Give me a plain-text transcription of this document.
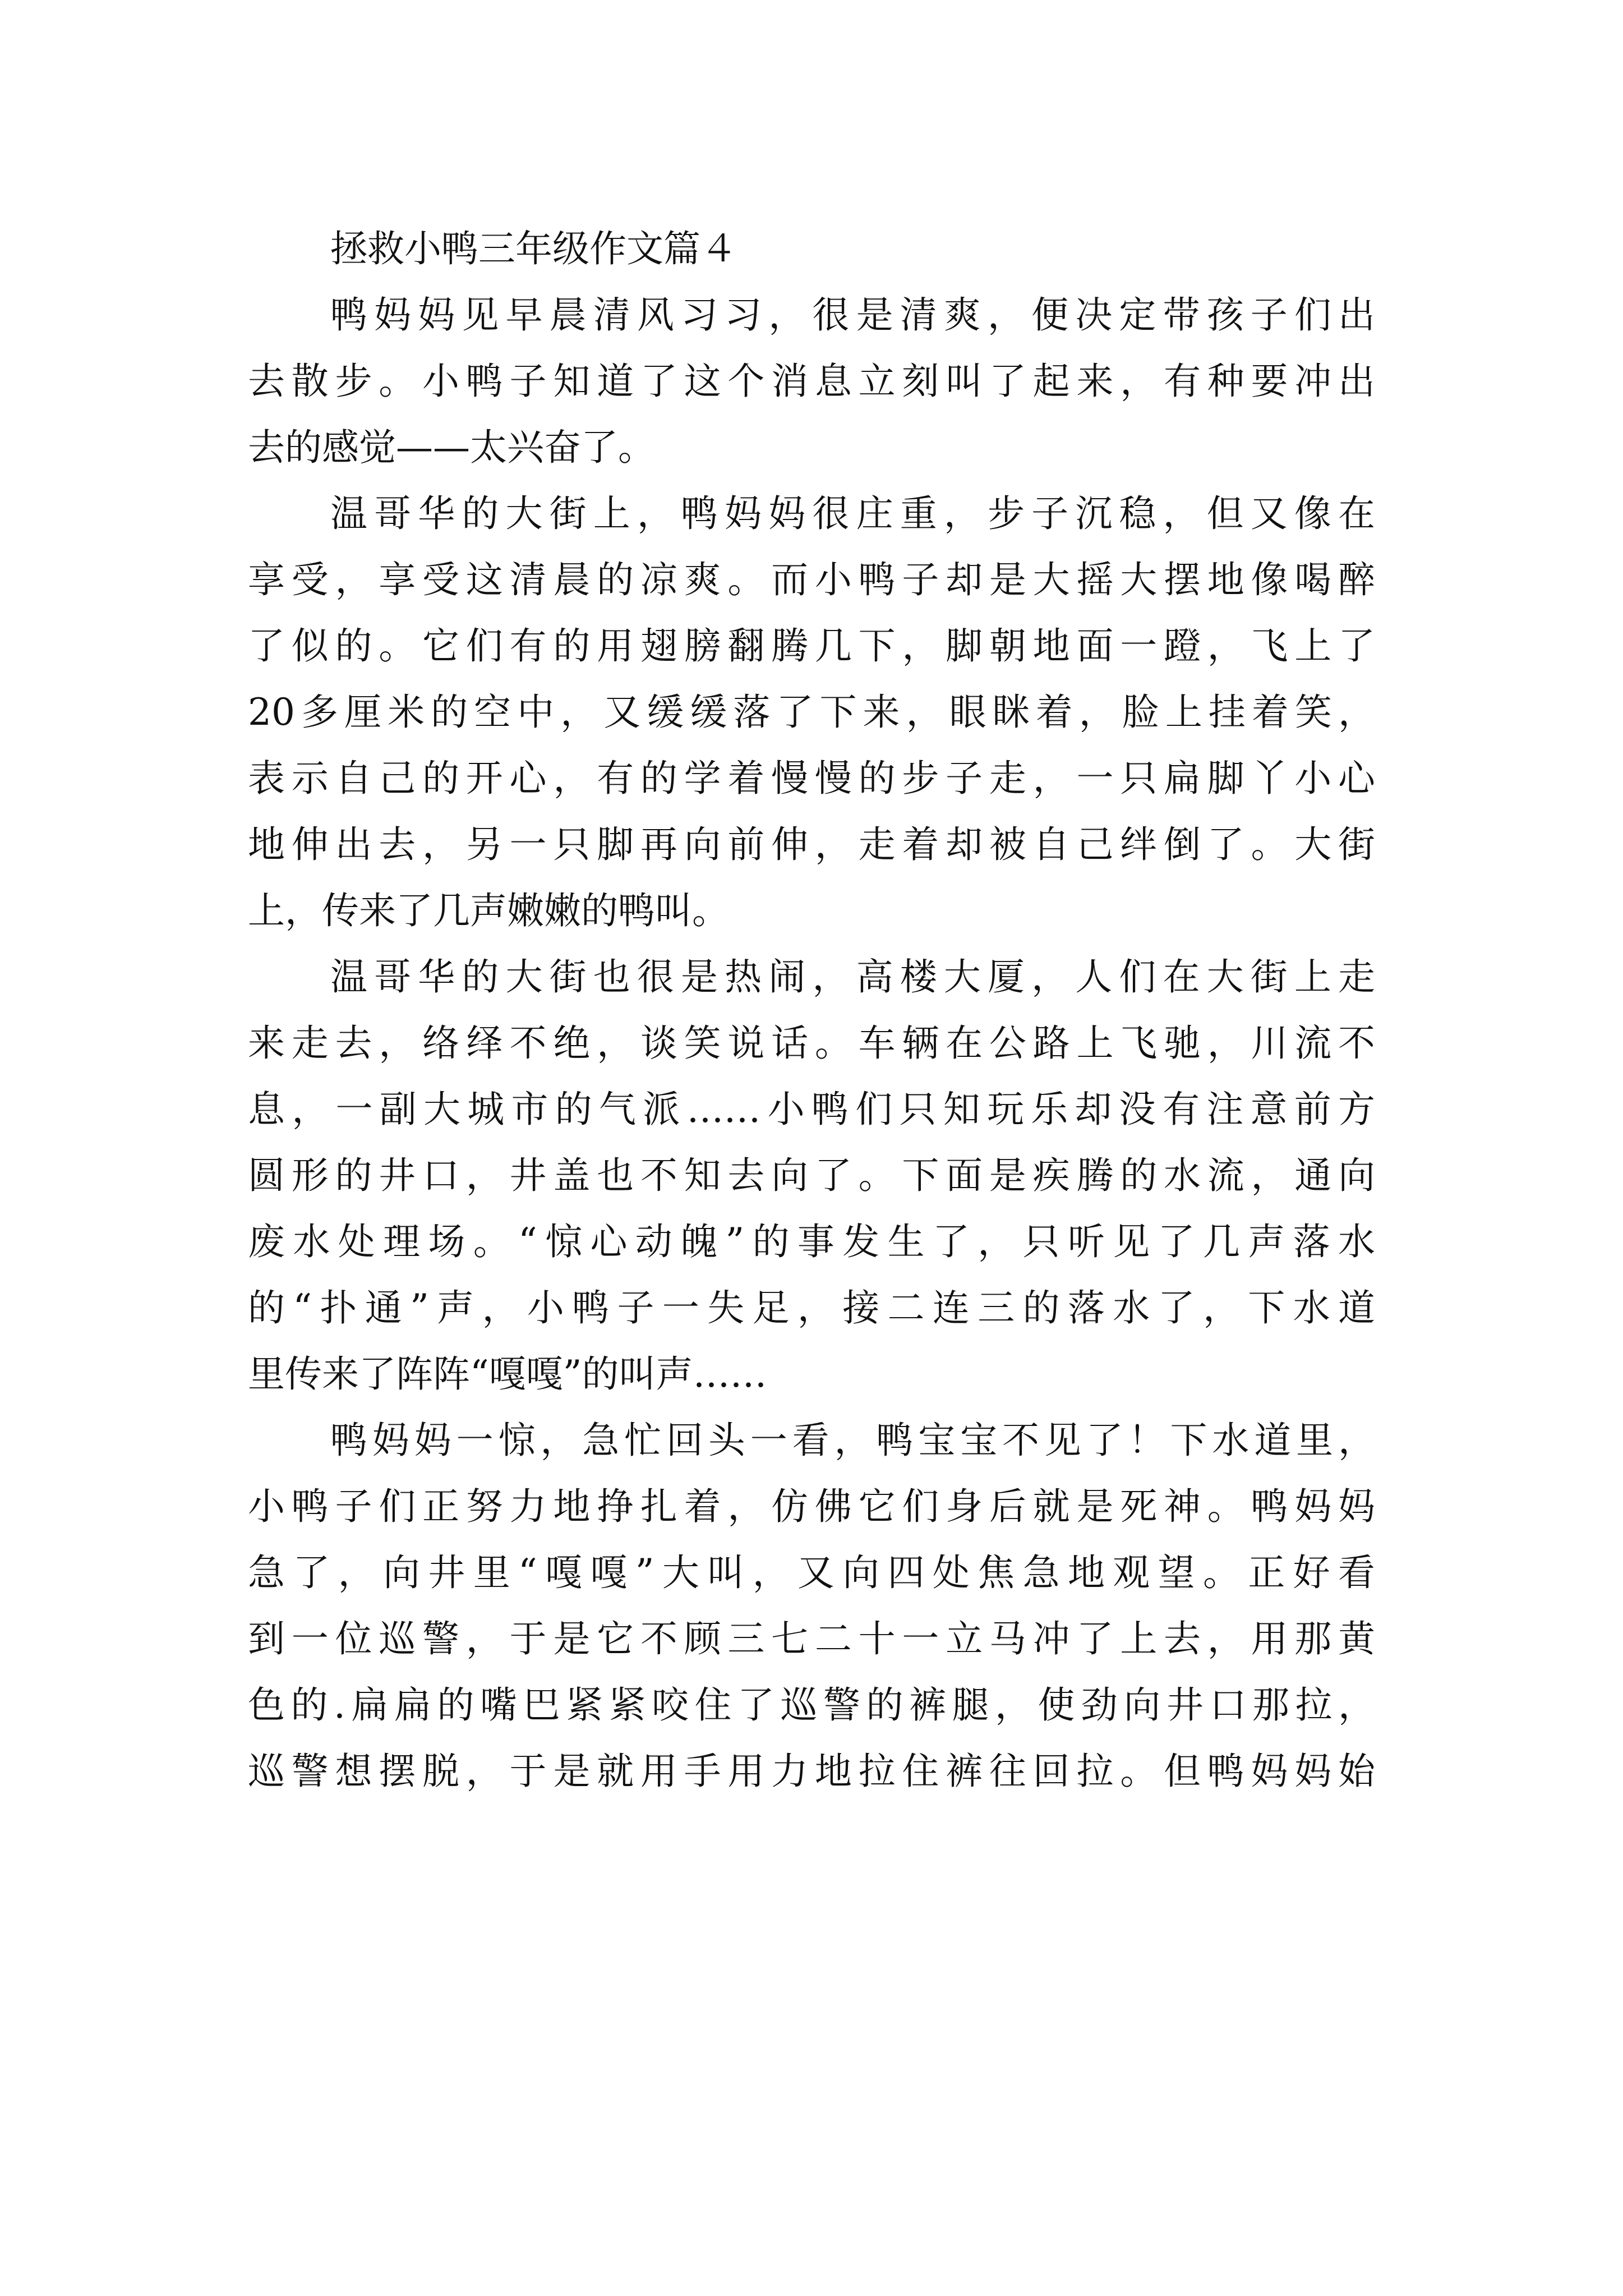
拯救小鸭三年级作文篇４
鸭妈妈见早晨清风习习，很是清爽，便决定带孩子们出
去散步。小鸭子知道了这个消息立刻叫了起来，有种要冲出
去的感觉——太兴奋了。
温哥华的大街上，鸭妈妈很庄重，步子沉稳，但又像在
享受，享受这清晨的凉爽。而小鸭子却是大摇大摆地像喝醉
了似的。它们有的用翅膀翻腾几下，脚朝地面一蹬，飞上了
20多厘米的空中，又缓缓落了下来，眼眯着，脸上挂着笑，
表示自己的开心，有的学着慢慢的步子走，一只扁脚丫小心
地伸出去，另一只脚再向前伸，走着却被自己绊倒了。大街
上，传来了几声嫩嫩的鸭叫。
温哥华的大街也很是热闹，高楼大厦，人们在大街上走
来走去，络绎不绝，谈笑说话。车辆在公路上飞驰，川流不
息，一副大城市的气派……小鸭们只知玩乐却没有注意前方
圆形的井口，井盖也不知去向了。下面是疾腾的水流，通向
废水处理场。“惊心动魄”的事发生了，只听见了几声落水
的“扑通”声，小鸭子一失足，接二连三的落水了，下水道
里传来了阵阵“嘎嘎”的叫声……
鸭妈妈一惊，急忙回头一看，鸭宝宝不见了！下水道里，
小鸭子们正努力地挣扎着，仿佛它们身后就是死神。鸭妈妈
急了，向井里“嘎嘎”大叫，又向四处焦急地观望。正好看
到一位巡警，于是它不顾三七二十一立马冲了上去，用那黄
色的.扁扁的嘴巴紧紧咬住了巡警的裤腿，使劲向井口那拉，
巡警想摆脱，于是就用手用力地拉住裤往回拉。但鸭妈妈始
